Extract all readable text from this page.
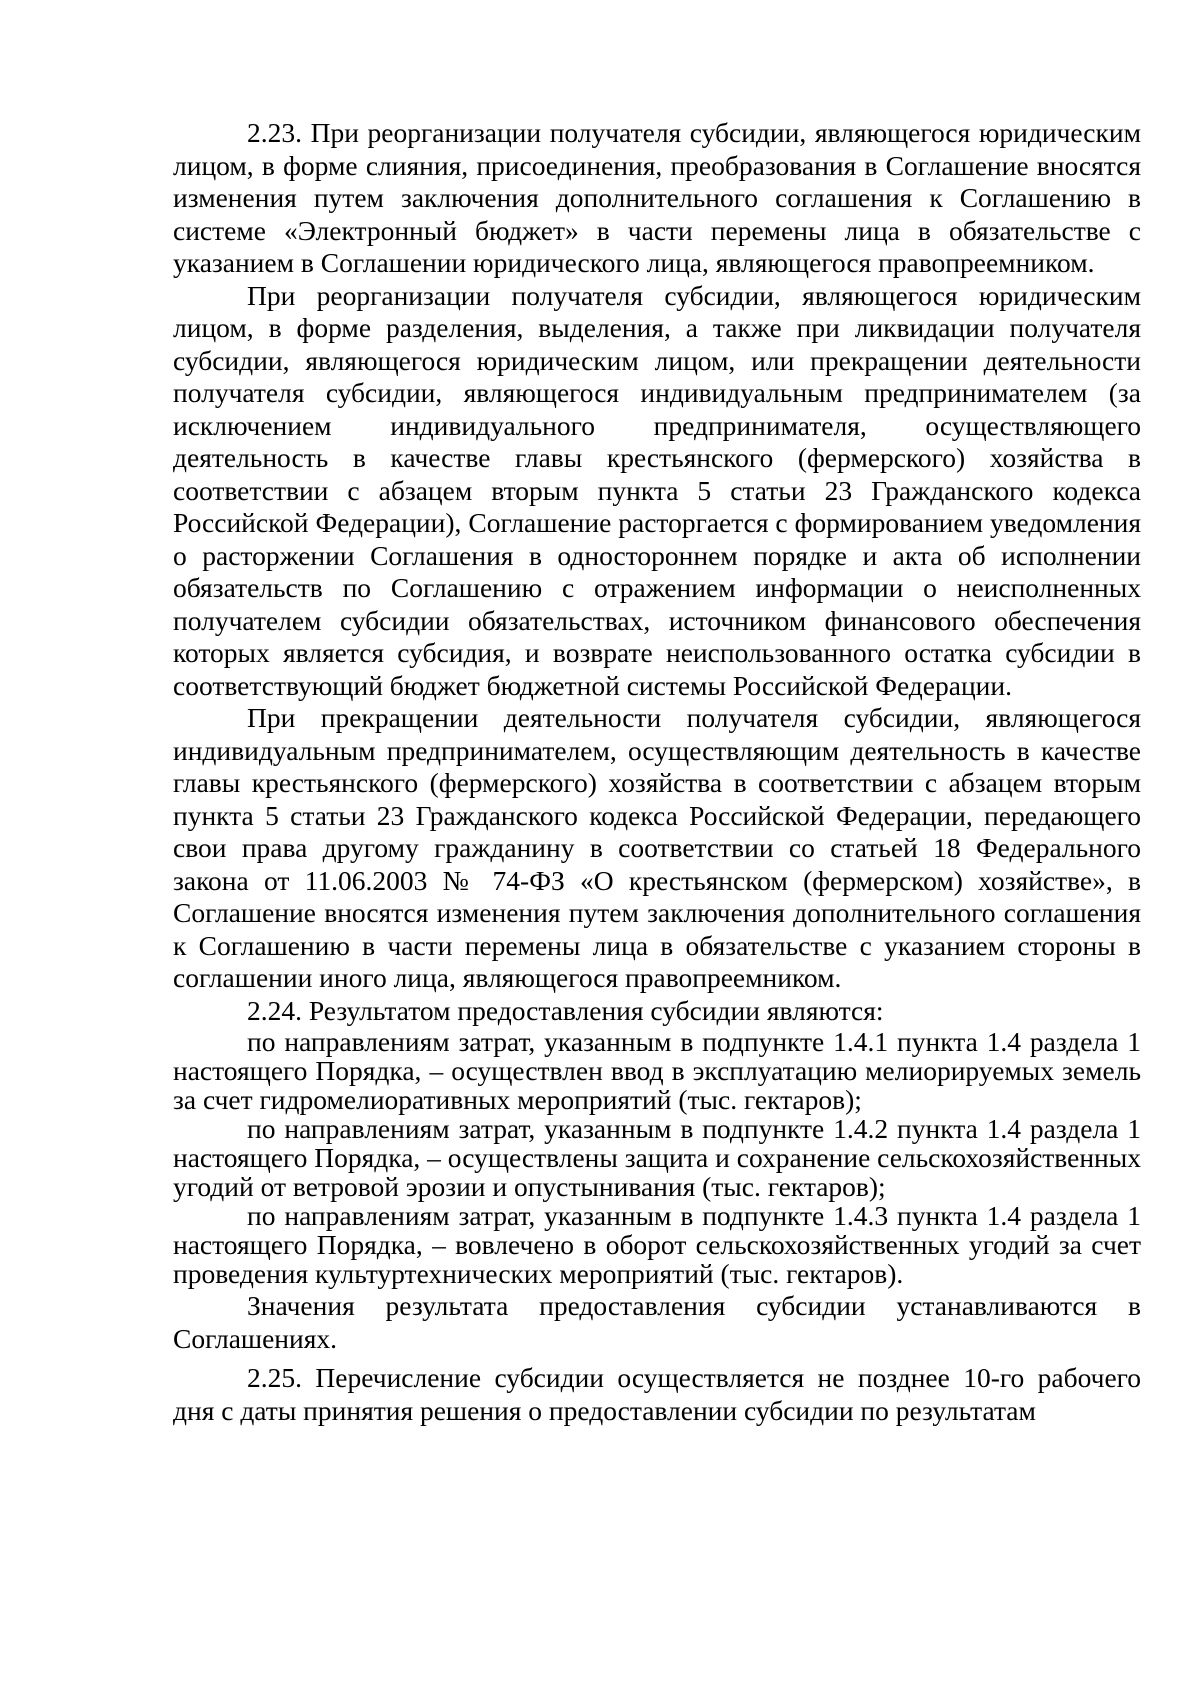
2.23. При реорганизации получателя субсидии, являющегося юридическим лицом, в форме слияния, присоединения, преобразования в Соглашение вносятся изменения путем заключения дополнительного соглашения к Соглашению в системе «Электронный бюджет» в части перемены лица в обязательстве с указанием в Соглашении юридического лица, являющегося правопреемником.

При реорганизации получателя субсидии, являющегося юридическим лицом, в форме разделения, выделения, а также при ликвидации получателя субсидии, являющегося юридическим лицом, или прекращении деятельности получателя субсидии, являющегося индивидуальным предпринимателем (за исключением индивидуального предпринимателя, осуществляющего деятельность в качестве главы крестьянского (фермерского) хозяйства в соответствии с абзацем вторым пункта 5 статьи 23 Гражданского кодекса Российской Федерации), Соглашение расторгается с формированием уведомления о расторжении Соглашения в одностороннем порядке и акта об исполнении обязательств по Соглашению с отражением информации о неисполненных получателем субсидии обязательствах, источником финансового обеспечения которых является субсидия, и возврате неиспользованного остатка субсидии в соответствующий бюджет бюджетной системы Российской Федерации.

При прекращении деятельности получателя субсидии, являющегося индивидуальным предпринимателем, осуществляющим деятельность в качестве главы крестьянского (фермерского) хозяйства в соответствии с абзацем вторым пункта 5 статьи 23 Гражданского кодекса Российской Федерации, передающего свои права другому гражданину в соответствии со статьей 18 Федерального закона от 11.06.2003 № 74-ФЗ «О крестьянском (фермерском) хозяйстве», в Соглашение вносятся изменения путем заключения дополнительного соглашения к Соглашению в части перемены лица в обязательстве с указанием стороны в соглашении иного лица, являющегося правопреемником.

2.24. Результатом предоставления субсидии являются:

по направлениям затрат, указанным в подпункте 1.4.1 пункта 1.4 раздела 1 настоящего Порядка, – осуществлен ввод в эксплуатацию мелиорируемых земель за счет гидромелиоративных мероприятий (тыс. гектаров);

по направлениям затрат, указанным в подпункте 1.4.2 пункта 1.4 раздела 1 настоящего Порядка, – осуществлены защита и сохранение сельскохозяйственных угодий от ветровой эрозии и опустынивания (тыс. гектаров);

по направлениям затрат, указанным в подпункте 1.4.3 пункта 1.4 раздела 1 настоящего Порядка, – вовлечено в оборот сельскохозяйственных угодий за счет проведения культуртехнических мероприятий (тыс. гектаров).

Значения результата предоставления субсидии устанавливаются в Соглашениях.

2.25. Перечисление субсидии осуществляется не позднее 10-го рабочего дня с даты принятия решения о предоставлении субсидии по результатам
